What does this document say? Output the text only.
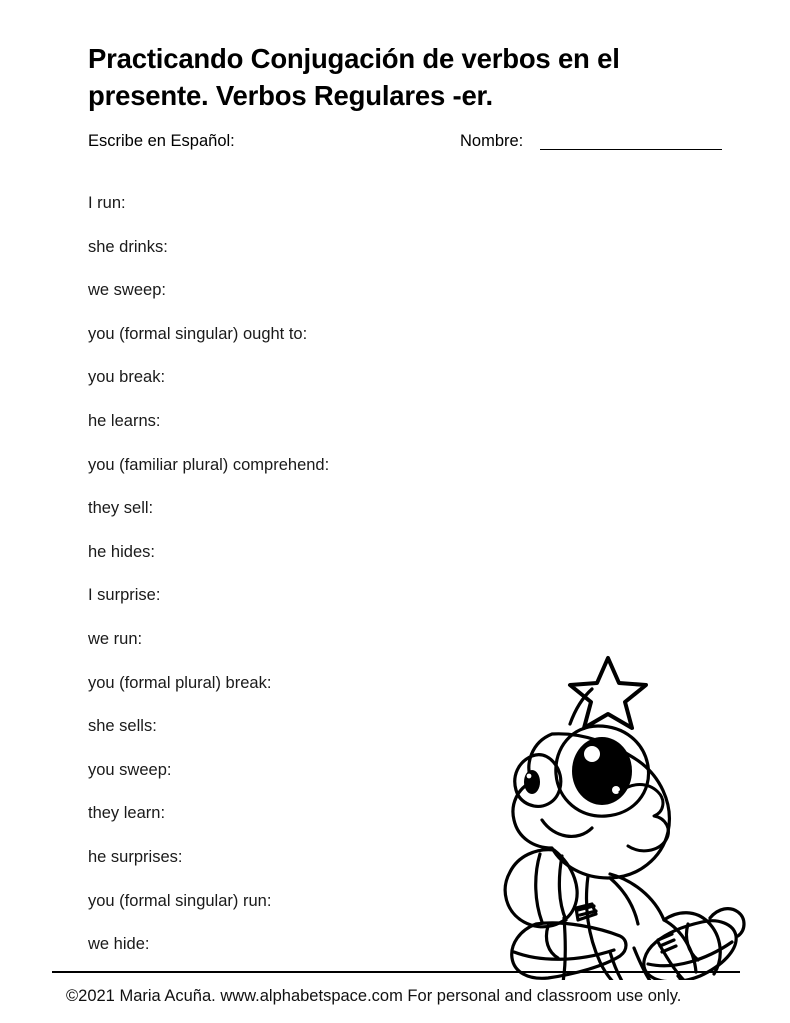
Practicando Conjugación de verbos en el presente. Verbos Regulares -er.
Escribe en Español:	Nombre:
I run:
she drinks:
we sweep:
you (formal singular) ought to:
you break:
he learns:
you (familiar plural) comprehend:
they sell:
he hides:
I surprise:
we run:
you (formal plural) break:
she sells:
you sweep:
they learn:
he surprises:
you (formal singular) run:
we hide:
©2021 Maria Acuña. www.alphabetspace.com For personal and classroom use only.
